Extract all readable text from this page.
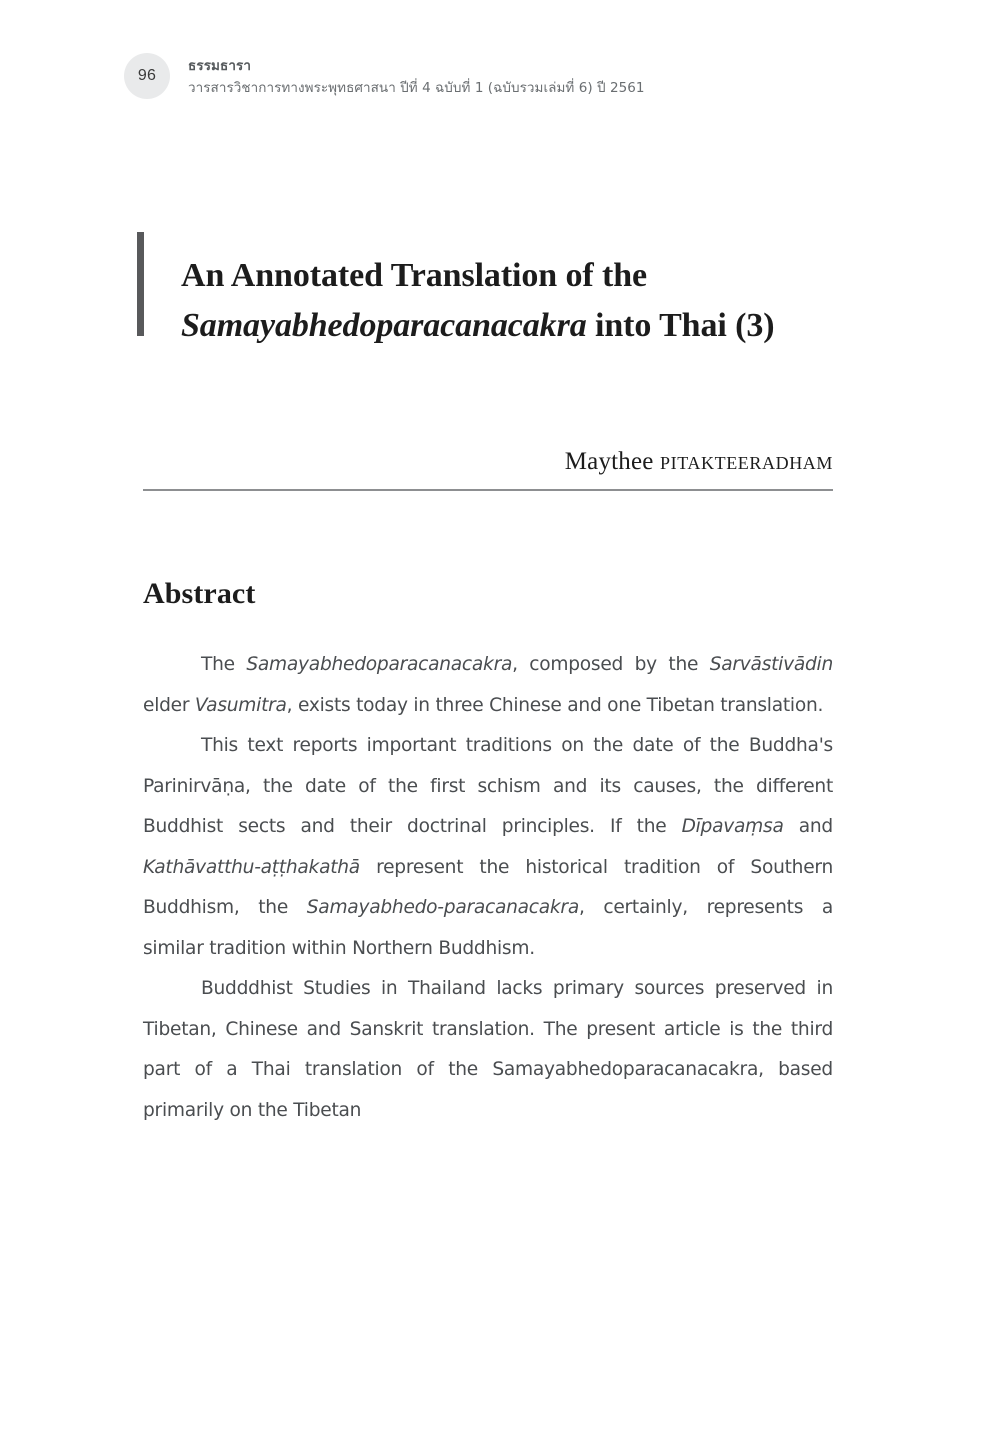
96
ธรรมธารา
วารสารวิชาการทางพระพุทธศาสนา ปีที่ 4 ฉบับที่ 1 (ฉบับรวมเล่มที่ 6) ปี 2561
An Annotated Translation of the
Samayabhedoparacanacakra into Thai (3)
Maythee pitakteeradham
Abstract

The Samayabhedoparacanacakra, composed by the Sarvāstivādin elder Vasumitra, exists today in three Chinese and one Tibetan translation.

This text reports important traditions on the date of the Buddha's Parinirvāṇa, the date of the first schism and its causes, the different Buddhist sects and their doctrinal principles. If the Dīpavaṃsa and Kathāvatthu-aṭṭhakathā represent the historical tradition of Southern Buddhism, the Samayabhedo-paracanacakra, certainly, represents a similar tradition within Northern Buddhism.

Budddhist Studies in Thailand lacks primary sources preserved in Tibetan, Chinese and Sanskrit translation. The present article is the third part of a Thai translation of the Samayabhedoparacanacakra, based primarily on the Tibetan
